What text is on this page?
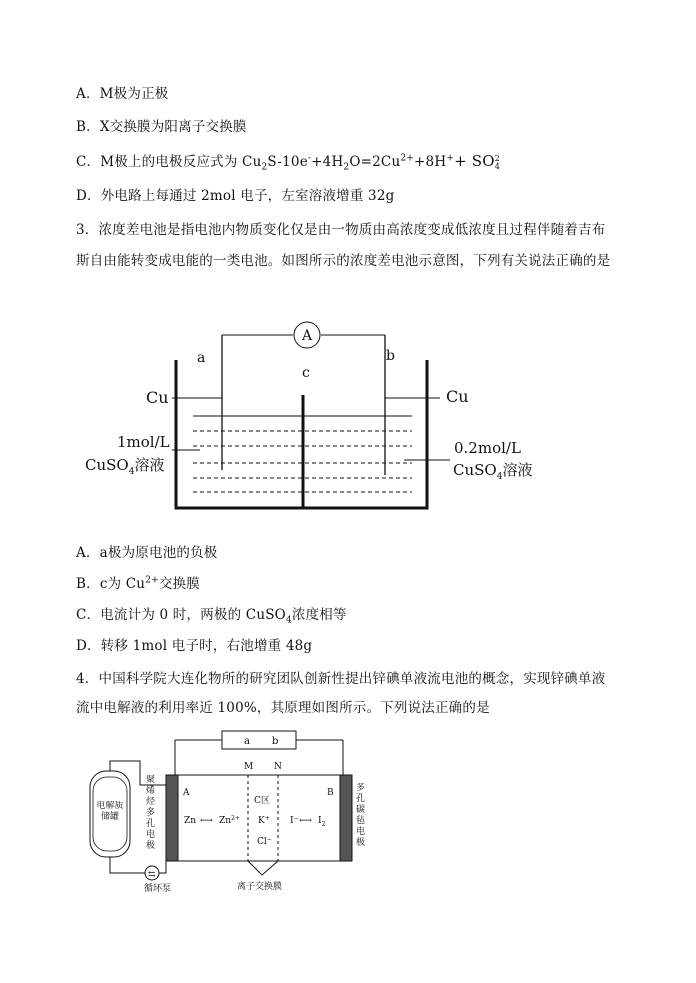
A．M极为正极
B．X交换膜为阳离子交换膜
C．M极上的电极反应式为 $Cu_2S-10e^-+4H_2O=2Cu^{2+}+8H^++$ SO 2
4
D．外电路上每通过 2mol 电子，左室溶液增重 32g
3．浓度差电池是指电池内物质变化仅是由一物质由高浓度变成低浓度且过程伴随着吉布
斯自由能转变成电能的一类电池。如图所示的浓度差电池示意图，下列有关说法正确的是
A
a	b
c
Cu	Cu
1mol/L
CuSO$_4$溶液
0.2mol/L
CuSO$_4$溶液
A．a极为原电池的负极
B．c为 $Cu^{2+}$交换膜
C．电流计为 0 时，两极的 CuSO$_4$浓度相等
D．转移 1mol 电子时，右池增重 48g
4．中国科学院大连化物所的研究团队创新性提出锌碘单液流电池的概念，实现锌碘单液
流中电解液的利用率近 100%，其原理如图所示。下列说法正确的是
a b
M N
A	B
C区
Zn ⟷ $Zn^{2+}$ K+
Cl−
I− ⟷ $I_2$
离子交换膜
聚烯烃多孔电极
多孔碳毡电极
电解质储罐
⇆
循环泵
